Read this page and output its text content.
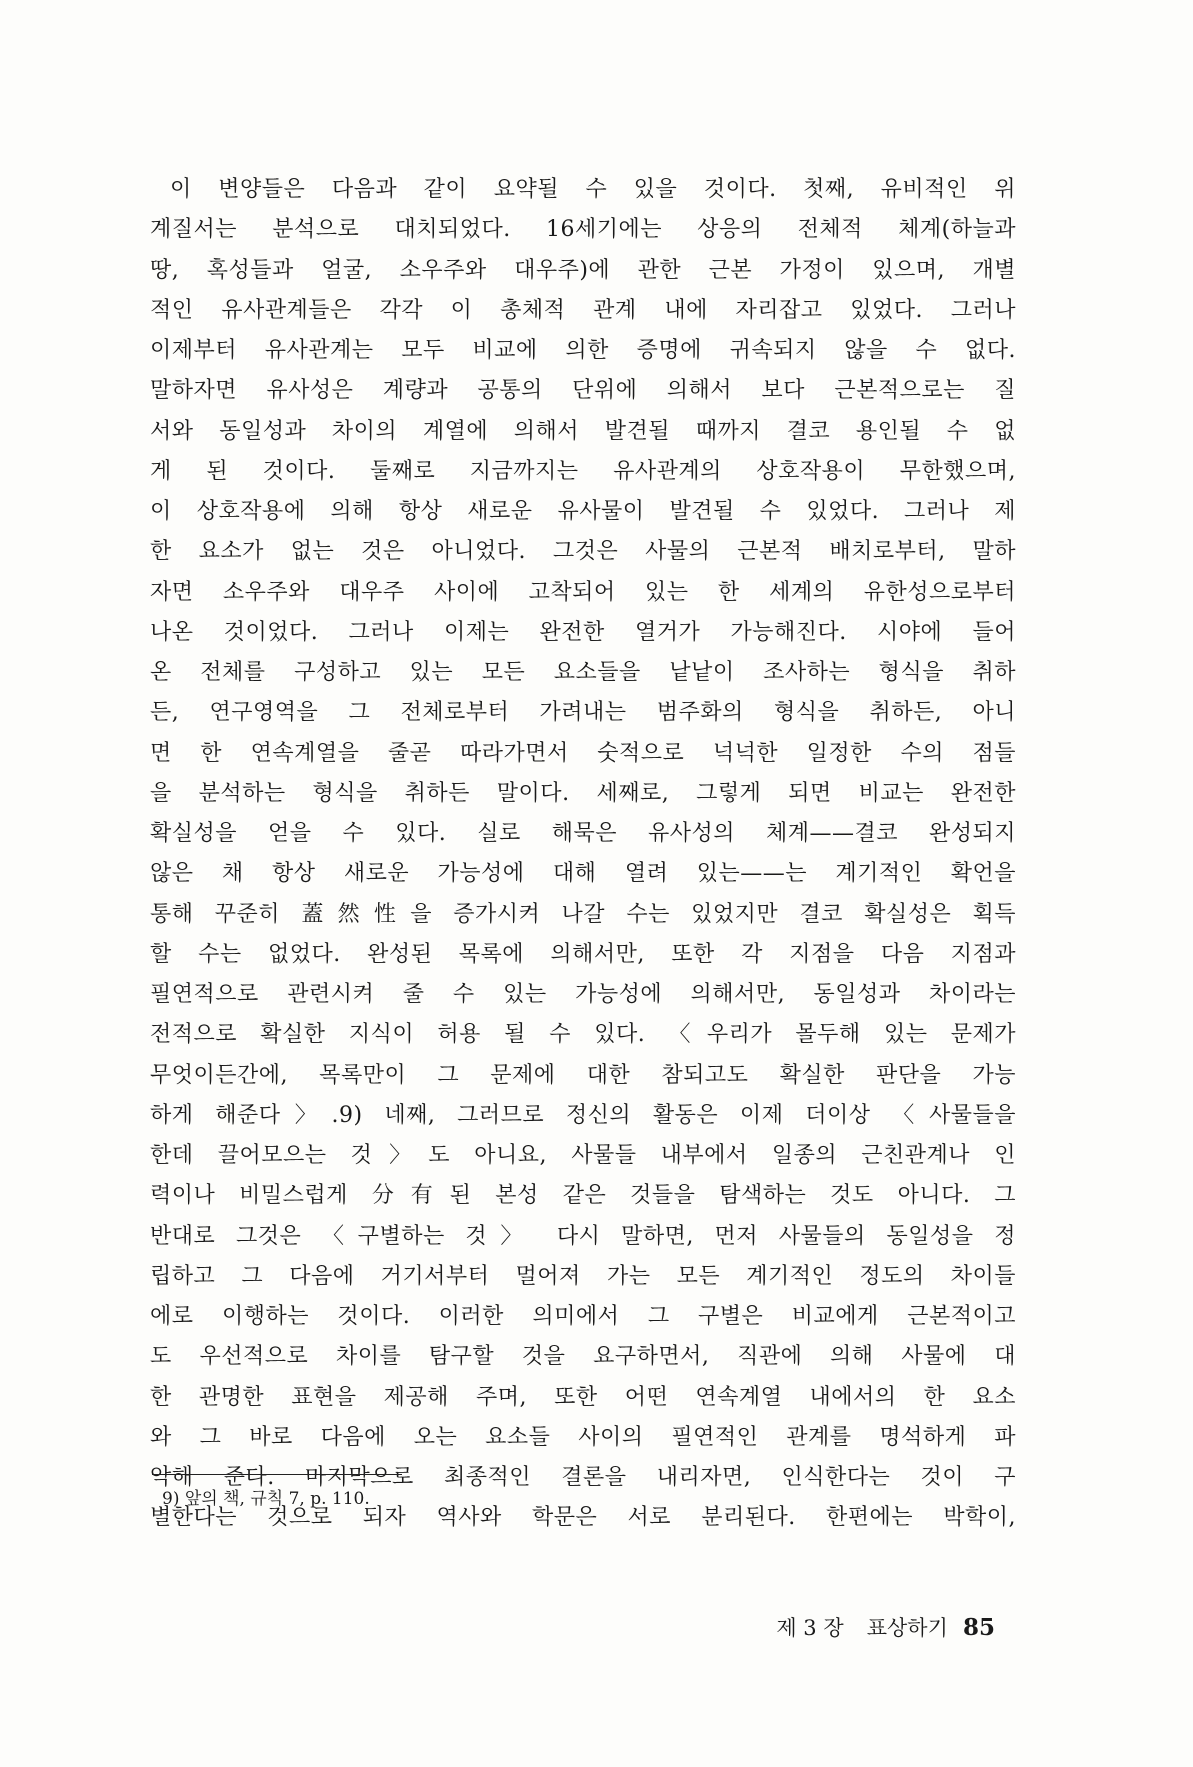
이 변양들은 다음과 같이 요약될 수 있을 것이다. 첫째, 유비적인 위
계질서는 분석으로 대치되었다. 16세기에는 상응의 전체적 체계(하늘과
땅, 혹성들과 얼굴, 소우주와 대우주)에 관한 근본 가정이 있으며, 개별
적인 유사관계들은 각각 이 총체적 관계 내에 자리잡고 있었다. 그러나
이제부터 유사관계는 모두 비교에 의한 증명에 귀속되지 않을 수 없다.
말하자면 유사성은 계량과 공통의 단위에 의해서 보다 근본적으로는 질
서와 동일성과 차이의 계열에 의해서 발견될 때까지 결코 용인될 수 없
게 된 것이다. 둘째로 지금까지는 유사관계의 상호작용이 무한했으며,
이 상호작용에 의해 항상 새로운 유사물이 발견될 수 있었다. 그러나 제
한 요소가 없는 것은 아니었다. 그것은 사물의 근본적 배치로부터, 말하
자면 소우주와 대우주 사이에 고착되어 있는 한 세계의 유한성으로부터
나온 것이었다. 그러나 이제는 완전한 열거가 가능해진다. 시야에 들어
온 전체를 구성하고 있는 모든 요소들을 낱낱이 조사하는 형식을 취하
든, 연구영역을 그 전체로부터 가려내는 범주화의 형식을 취하든, 아니
면 한 연속계열을 줄곧 따라가면서 숫적으로 넉넉한 일정한 수의 점들
을 분석하는 형식을 취하든 말이다. 세째로, 그렇게 되면 비교는 완전한
확실성을 얻을 수 있다. 실로 해묵은 유사성의 체계——결코 완성되지
않은 채 항상 새로운 가능성에 대해 열려 있는——는 계기적인 확언을
통해 꾸준히 蓋然性을 증가시켜 나갈 수는 있었지만 결코 확실성은 획득
할 수는 없었다. 완성된 목록에 의해서만, 또한 각 지점을 다음 지점과
필연적으로 관련시켜 줄 수 있는 가능성에 의해서만, 동일성과 차이라는
전적으로 확실한 지식이 허용 될 수 있다. 〈우리가 몰두해 있는 문제가
무엇이든간에, 목록만이 그 문제에 대한 참되고도 확실한 판단을 가능
하게 해준다〉.9) 네째, 그러므로 정신의 활동은 이제 더이상 〈사물들을
한데 끌어모으는 것〉도 아니요, 사물들 내부에서 일종의 근친관계나 인
력이나 비밀스럽게 分有된 본성 같은 것들을 탐색하는 것도 아니다. 그
반대로 그것은 〈구별하는 것〉 다시 말하면, 먼저 사물들의 동일성을 정
립하고 그 다음에 거기서부터 멀어져 가는 모든 계기적인 정도의 차이들
에로 이행하는 것이다. 이러한 의미에서 그 구별은 비교에게 근본적이고
도 우선적으로 차이를 탐구할 것을 요구하면서, 직관에 의해 사물에 대
한 관명한 표현을 제공해 주며, 또한 어떤 연속계열 내에서의 한 요소
와 그 바로 다음에 오는 요소들 사이의 필연적인 관계를 명석하게 파
악해 준다. 마지막으로 최종적인 결론을 내리자면, 인식한다는 것이 구
별한다는 것으로 되자 역사와 학문은 서로 분리된다. 한편에는 박학이,
9) 앞의 책, 규칙 7, p. 110.
제 3 장 표상하기 85
